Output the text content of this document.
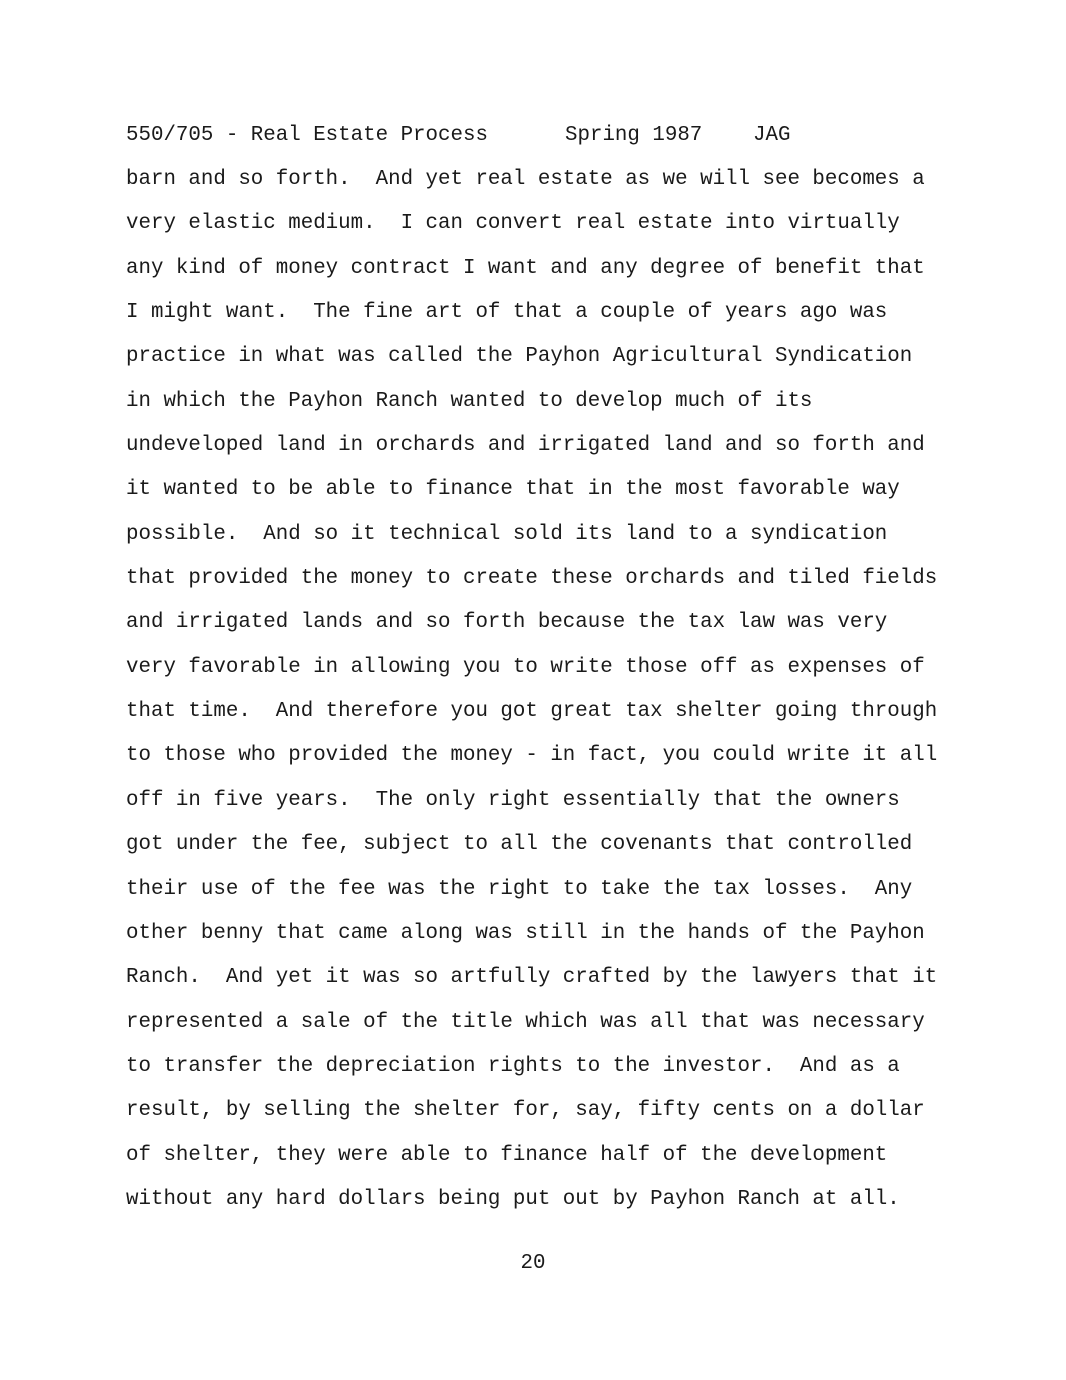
550/705 - Real Estate Process

	Spring 1987

JAG

barn and so forth.  And yet real estate as we will see becomes a
very elastic medium.  I can convert real estate into virtually
any kind of money contract I want and any degree of benefit that
I might want.  The fine art of that a couple of years ago was
practice in what was called the Payhon Agricultural Syndication
in which the Payhon Ranch wanted to develop much of its
undeveloped land in orchards and irrigated land and so forth and
it wanted to be able to finance that in the most favorable way
possible.  And so it technical sold its land to a syndication
that provided the money to create these orchards and tiled fields
and irrigated lands and so forth because the tax law was very
very favorable in allowing you to write those off as expenses of
that time.  And therefore you got great tax shelter going through
to those who provided the money - in fact, you could write it all
off in five years.  The only right essentially that the owners
got under the fee, subject to all the covenants that controlled
their use of the fee was the right to take the tax losses.  Any
other benny that came along was still in the hands of the Payhon
Ranch.  And yet it was so artfully crafted by the lawyers that it
represented a sale of the title which was all that was necessary
to transfer the depreciation rights to the investor.  And as a
result, by selling the shelter for, say, fifty cents on a dollar
of shelter, they were able to finance half of the development
without any hard dollars being put out by Payhon Ranch at all.
20
